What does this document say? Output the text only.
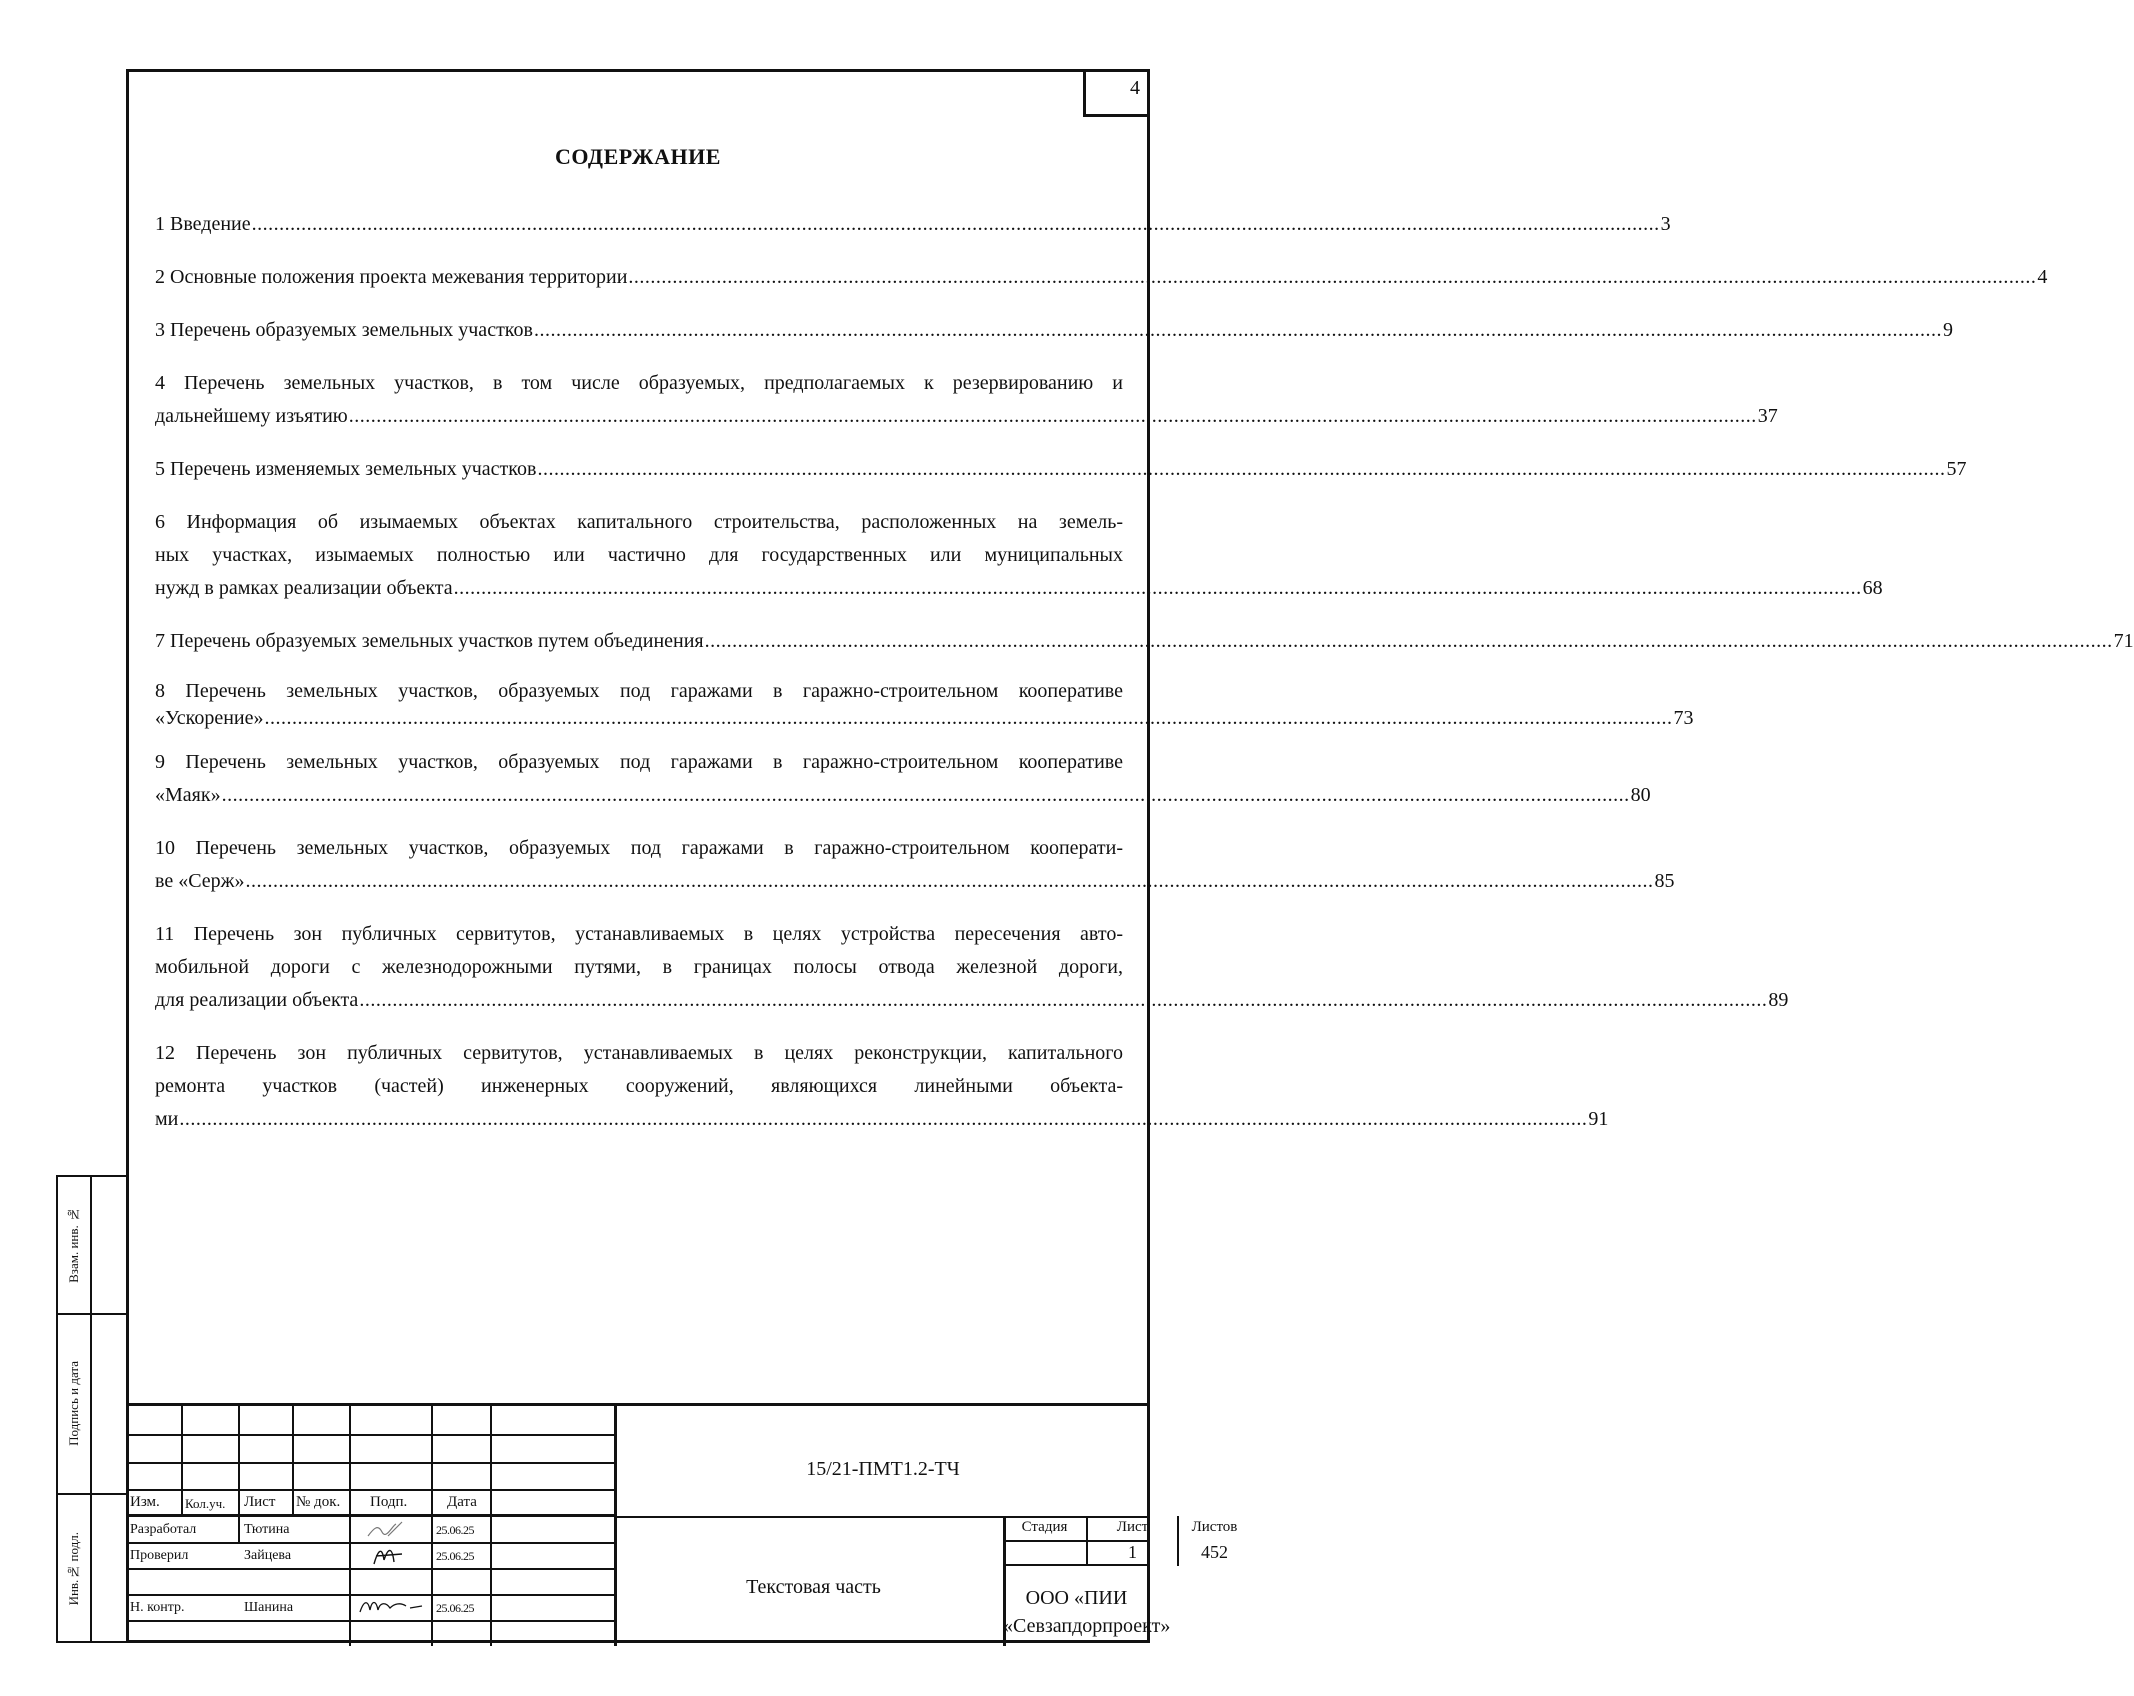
4
СОДЕРЖАНИЕ
1 Введение .....	3
2 Основные положения проекта межевания территории .....	4
3 Перечень образуемых земельных участков .....	9
4 Перечень земельных участков, в том числе образуемых, предполагаемых к резервированию и
дальнейшему изъятию .....	37
5 Перечень изменяемых земельных участков .....	57
6 Информация об изымаемых объектах капитального строительства, расположенных на земель-
ных участках, изымаемых полностью или частично для государственных или муниципальных
нужд в рамках реализации объекта .....	68
7 Перечень образуемых земельных участков путем объединения .....	71
8 Перечень земельных участков, образуемых под гаражами в гаражно-строительном кооперативе
«Ускорение» .....	73
9 Перечень земельных участков, образуемых под гаражами в гаражно-строительном кооперативе
«Маяк» .....	80
10 Перечень земельных участков, образуемых под гаражами в гаражно-строительном кооперати-
ве «Серж» .....	85
11 Перечень зон публичных сервитутов, устанавливаемых в целях устройства пересечения авто-
мобильной дороги с железнодорожными путями, в границах полосы отвода железной дороги,
для реализации объекта .....	89
12 Перечень зон публичных сервитутов, устанавливаемых в целях реконструкции, капитального
ремонта участков (частей) инженерных сооружений, являющихся линейными объекта-
ми .....	91
Взам. инв. №
Подпись и дата
Инв.№ подл.
Изм. Кол.уч. Лист № док. Подп.	Дата
Разработал	Тютина	25.06.25
Проверил	Зайцева	25.06.25
Н. контр.	Шанина	25.06.25
15/21-ПМТ1.2-ТЧ
Стадия	Лист	Листов
1	452
Текстовая часть	ООО «ПИИ
«Севзапдорпроект»
